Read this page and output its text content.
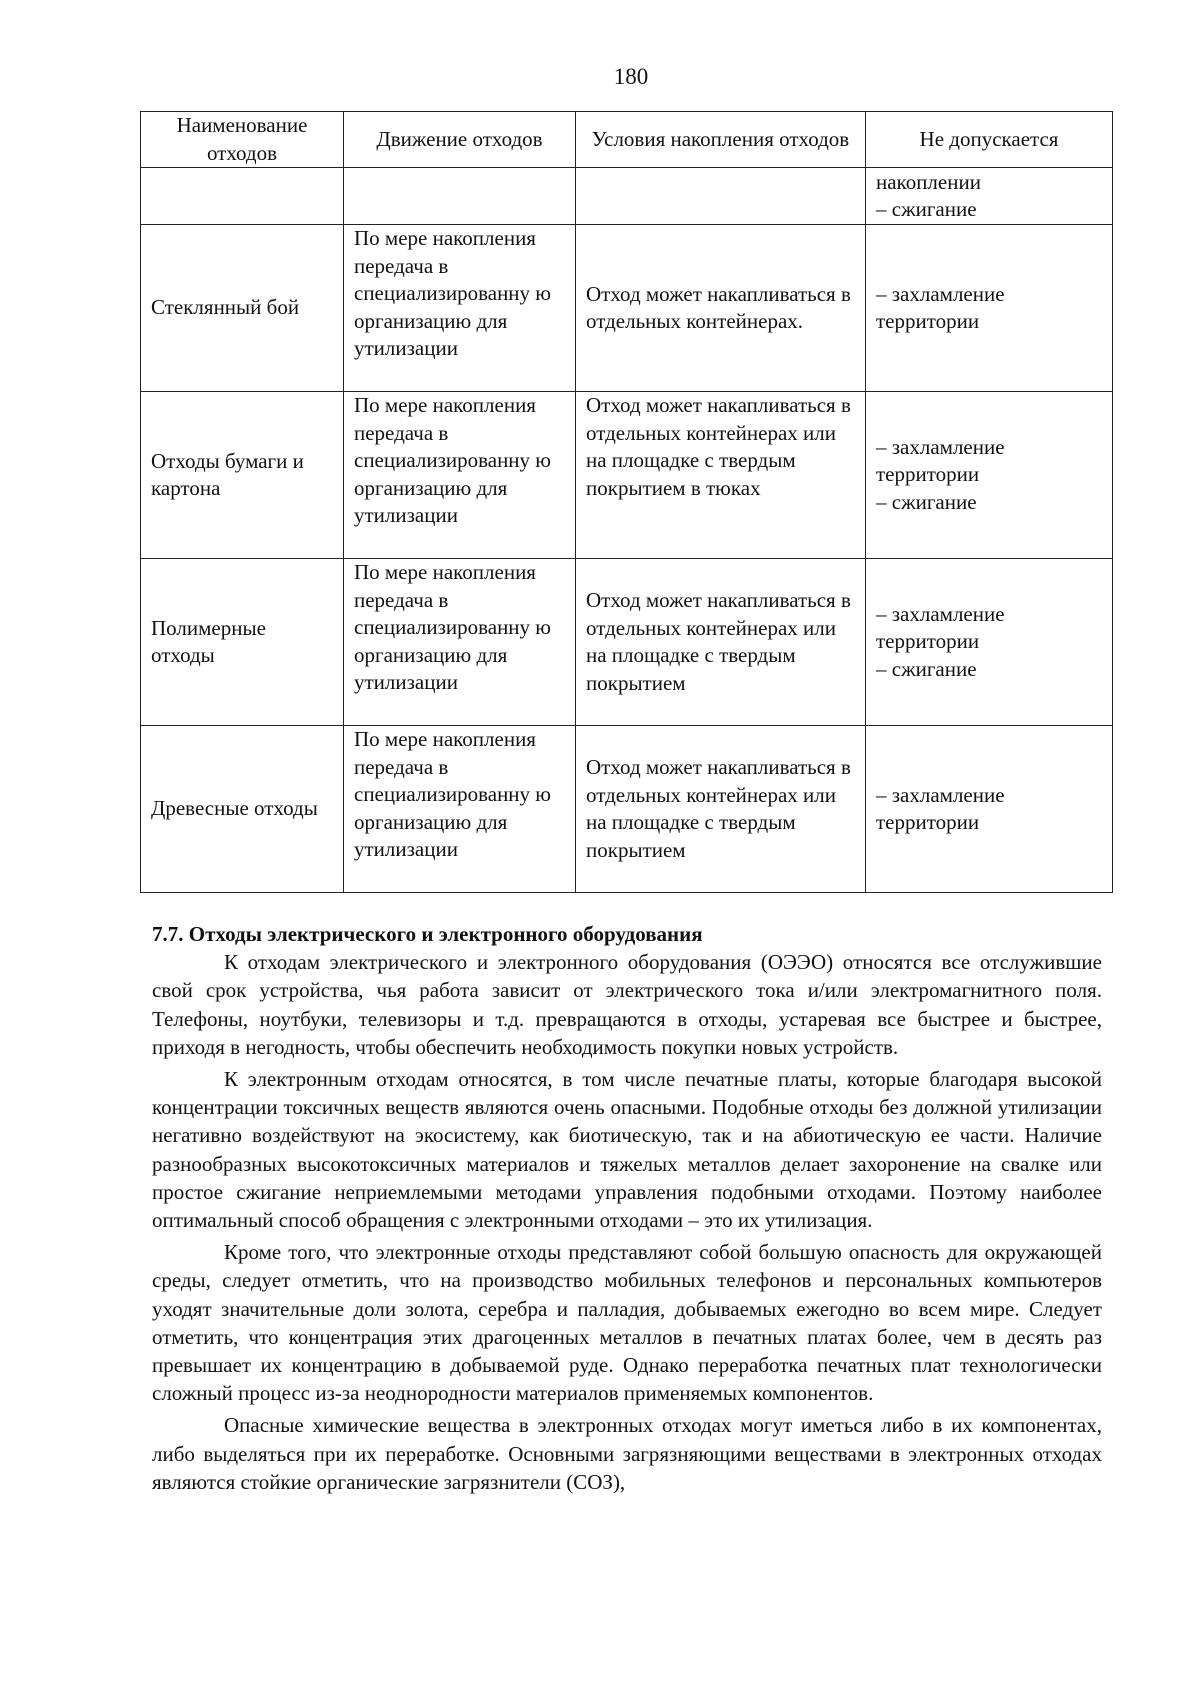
180
Наименование отходов	Движение отходов	Условия накопления отходов	Не допускается
			накоплении
– сжигание
Стеклянный бой	По мере накопления передача в специализированну ю организацию для утилизации	Отход может накапливаться в отдельных контейнерах.	– захламление территории
Отходы бумаги и картона	По мере накопления передача в специализированну ю организацию для утилизации	Отход может накапливаться в отдельных контейнерах или на площадке с твердым покрытием в тюках	– захламление территории
– сжигание
Полимерные отходы	По мере накопления передача в специализированну ю организацию для утилизации	Отход может накапливаться в отдельных контейнерах или на площадке с твердым покрытием	– захламление территории
– сжигание
Древесные отходы	По мере накопления передача в специализированну ю организацию для утилизации	Отход может накапливаться в отдельных контейнерах или на площадке с твердым покрытием	– захламление территории
7.7. Отходы электрического и электронного оборудования

К отходам электрического и электронного оборудования (ОЭЭО) относятся все отслужившие свой срок устройства, чья работа зависит от электрического тока и/или электромагнитного поля. Телефоны, ноутбуки, телевизоры и т.д. превращаются в отходы, устаревая все быстрее и быстрее, приходя в негодность, чтобы обеспечить необходимость покупки новых устройств.

К электронным отходам относятся, в том числе печатные платы, которые благодаря высокой концентрации токсичных веществ являются очень опасными. Подобные отходы без должной утилизации негативно воздействуют на экосистему, как биотическую, так и на абиотическую ее части. Наличие разнообразных высокотоксичных материалов и тяжелых металлов делает захоронение на свалке или простое сжигание неприемлемыми методами управления подобными отходами. Поэтому наиболее оптимальный способ обращения с электронными отходами – это их утилизация.

Кроме того, что электронные отходы представляют собой большую опасность для окружающей среды, следует отметить, что на производство мобильных телефонов и персональных компьютеров уходят значительные доли золота, серебра и палладия, добываемых ежегодно во всем мире. Следует отметить, что концентрация этих драгоценных металлов в печатных платах более, чем в десять раз превышает их концентрацию в добываемой руде. Однако переработка печатных плат технологически сложный процесс из-за неоднородности материалов применяемых компонентов.

Опасные химические вещества в электронных отходах могут иметься либо в их компонентах, либо выделяться при их переработке. Основными загрязняющими веществами в электронных отходах являются стойкие органические загрязнители (СОЗ),
